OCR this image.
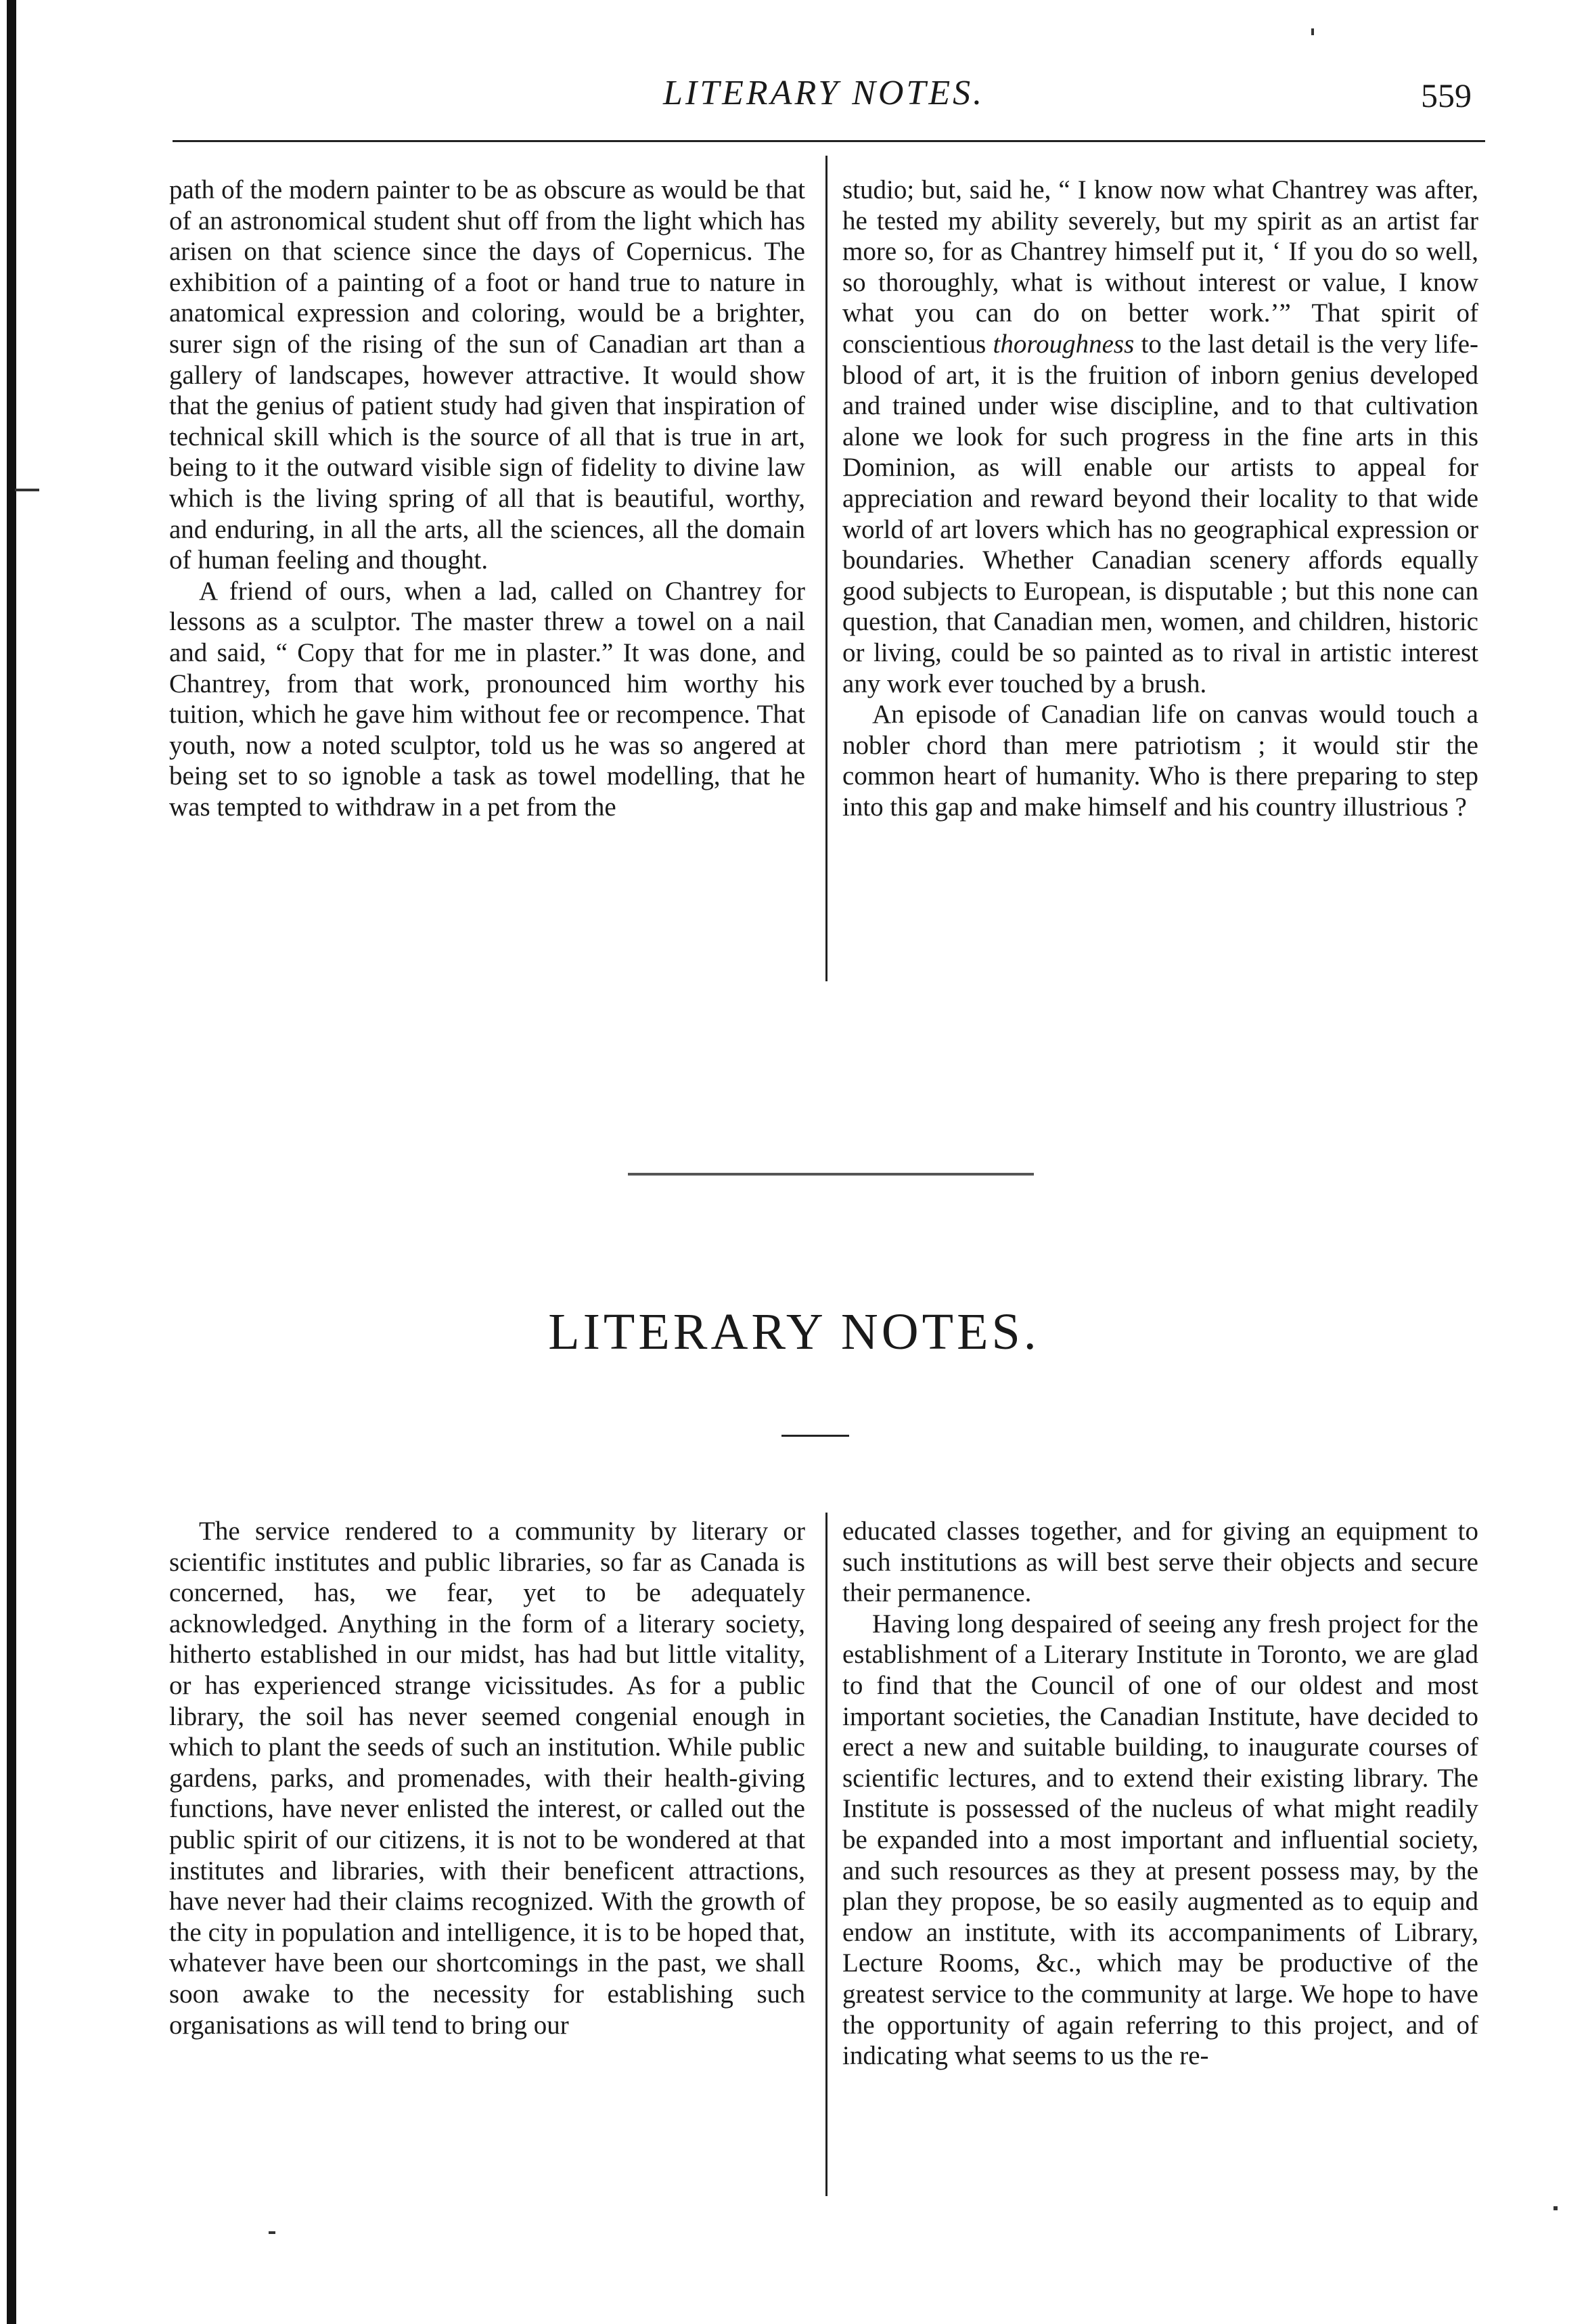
LITERARY NOTES.	559

path of the modern painter to be as obscure as would be that of an astronomical student shut off from the light which has arisen on that science since the days of Copernicus. The exhibition of a painting of a foot or hand true to nature in anatomical expression and coloring, would be a brighter, surer sign of the rising of the sun of Canadian art than a gallery of landscapes, however attractive. It would show that the genius of patient study had given that inspiration of technical skill which is the source of all that is true in art, being to it the outward visible sign of fidelity to divine law which is the living spring of all that is beautiful, worthy, and enduring, in all the arts, all the sciences, all the domain of human feeling and thought.

A friend of ours, when a lad, called on Chantrey for lessons as a sculptor. The master threw a towel on a nail and said, “ Copy that for me in plaster.” It was done, and Chantrey, from that work, pronounced him worthy his tuition, which he gave him without fee or recompence. That youth, now a noted sculptor, told us he was so angered at being set to so ignoble a task as towel modelling, that he was tempted to withdraw in a pet from the

studio; but, said he, “ I know now what Chantrey was after, he tested my ability severely, but my spirit as an artist far more so, for as Chantrey himself put it, ‘ If you do so well, so thoroughly, what is without interest or value, I know what you can do on better work.’” That spirit of conscientious thoroughness to the last detail is the very life-blood of art, it is the fruition of inborn genius developed and trained under wise discipline, and to that cultivation alone we look for such progress in the fine arts in this Dominion, as will enable our artists to appeal for appreciation and reward beyond their locality to that wide world of art lovers which has no geographical expression or boundaries. Whether Canadian scenery affords equally good subjects to European, is disputable ; but this none can question, that Canadian men, women, and children, historic or living, could be so painted as to rival in artistic interest any work ever touched by a brush.

An episode of Canadian life on canvas would touch a nobler chord than mere patriotism ; it would stir the common heart of humanity. Who is there preparing to step into this gap and make himself and his country illustrious ?

LITERARY NOTES.

The service rendered to a community by literary or scientific institutes and public libraries, so far as Canada is concerned, has, we fear, yet to be adequately acknowledged. Anything in the form of a literary society, hitherto established in our midst, has had but little vitality, or has experienced strange vicissitudes. As for a public library, the soil has never seemed congenial enough in which to plant the seeds of such an institution. While public gardens, parks, and promenades, with their health-giving functions, have never enlisted the interest, or called out the public spirit of our citizens, it is not to be wondered at that institutes and libraries, with their beneficent attractions, have never had their claims recognized. With the growth of the city in population and intelligence, it is to be hoped that, whatever have been our shortcomings in the past, we shall soon awake to the necessity for establishing such organisations as will tend to bring our

educated classes together, and for giving an equipment to such institutions as will best serve their objects and secure their permanence.

Having long despaired of seeing any fresh project for the establishment of a Literary Institute in Toronto, we are glad to find that the Council of one of our oldest and most important societies, the Canadian Institute, have decided to erect a new and suitable building, to inaugurate courses of scientific lectures, and to extend their existing library. The Institute is possessed of the nucleus of what might readily be expanded into a most important and influential society, and such resources as they at present possess may, by the plan they propose, be so easily augmented as to equip and endow an institute, with its accompaniments of Library, Lecture Rooms, &c., which may be productive of the greatest service to the community at large. We hope to have the opportunity of again referring to this project, and of indicating what seems to us the re-
